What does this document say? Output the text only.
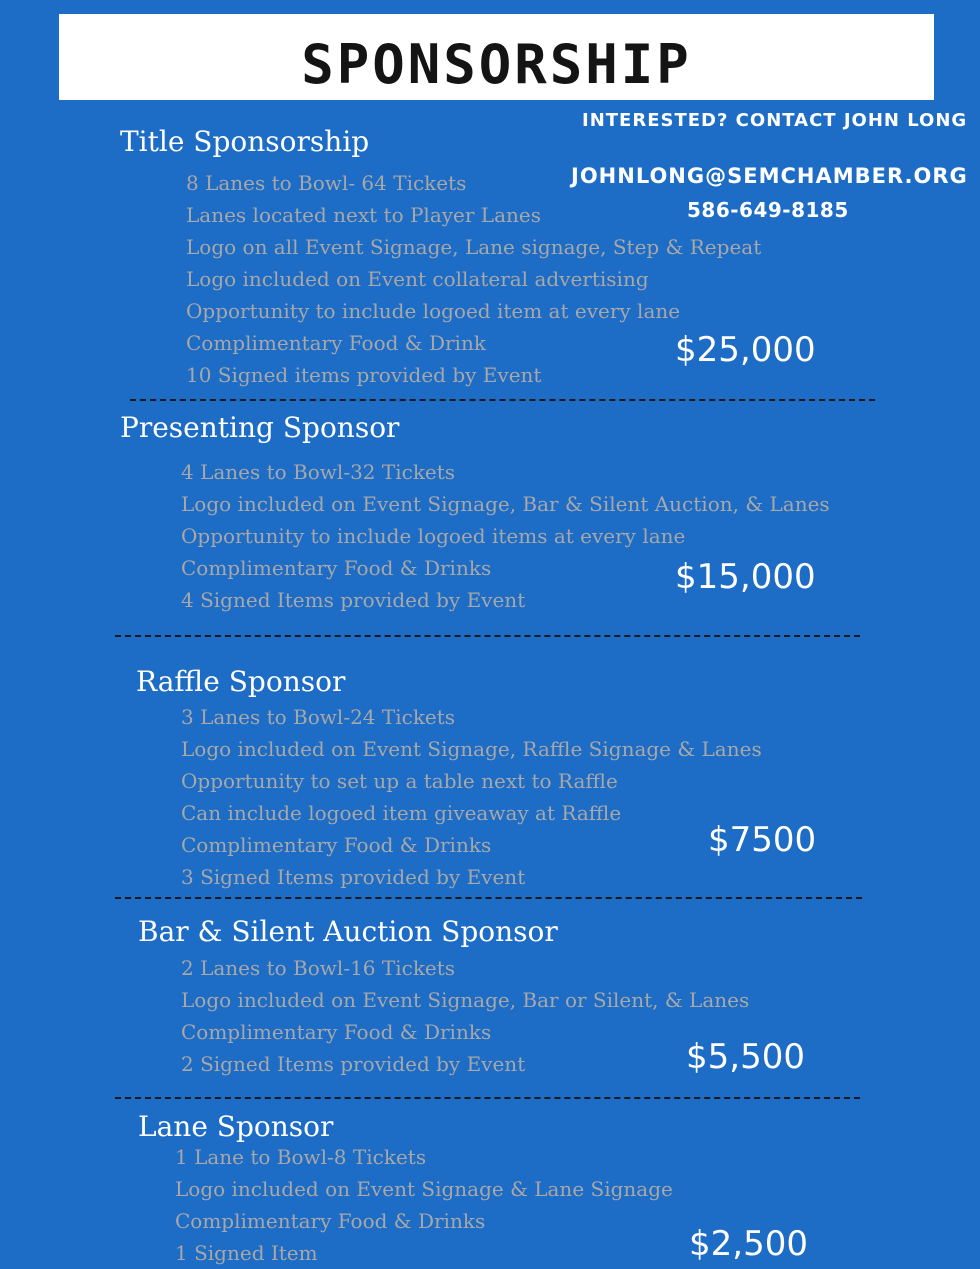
SPONSORSHIP
INTERESTED? CONTACT JOHN LONG
JOHNLONG@SEMCHAMBER.ORG
586-649-8185
Title Sponsorship
8 Lanes to Bowl- 64 Tickets
Lanes located next to Player Lanes
Logo on all Event Signage, Lane signage, Step & Repeat
Logo included on Event collateral advertising
Opportunity to include logoed item at every lane
Complimentary Food & Drink
10 Signed items provided by Event
$25,000
Presenting Sponsor
4 Lanes to Bowl-32 Tickets
Logo included on Event Signage, Bar & Silent Auction, & Lanes
Opportunity to include logoed items at every lane
Complimentary Food & Drinks
4 Signed Items provided by Event
$15,000
Raffle Sponsor
3 Lanes to Bowl-24 Tickets
Logo included on Event Signage, Raffle Signage & Lanes
Opportunity to set up a table next to Raffle
Can include logoed item giveaway at Raffle
Complimentary Food & Drinks
3 Signed Items provided by Event
$7500
Bar & Silent Auction Sponsor
2 Lanes to Bowl-16 Tickets
Logo included on Event Signage, Bar or Silent, & Lanes
Complimentary Food & Drinks
2 Signed Items provided by Event	$5,500
Lane Sponsor
1 Lane to Bowl-8 Tickets
Logo included on Event Signage & Lane Signage
Complimentary Food & Drinks
1 Signed Item	$2,500
